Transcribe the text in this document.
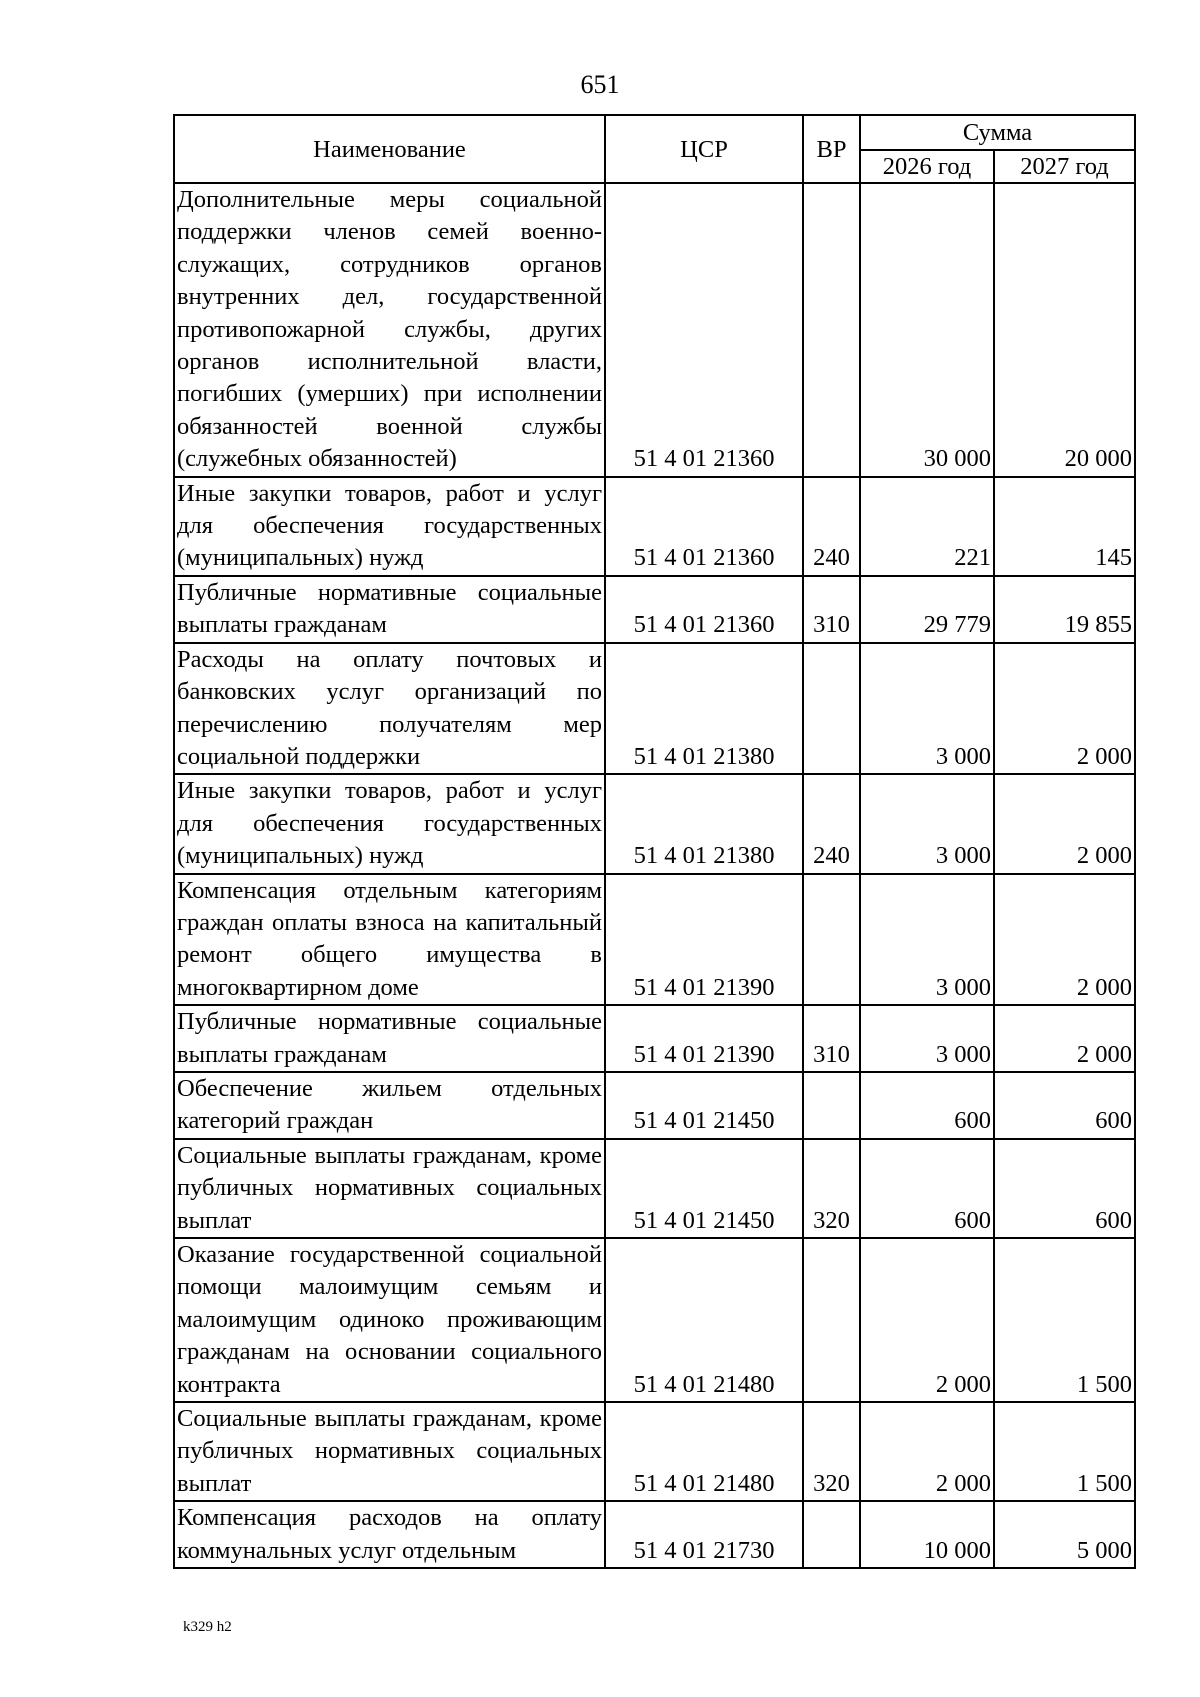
651
Наименование	ЦСР	ВР	Сумма	
			2026 год	2027 год
Дополнительные меры социальной поддержки членов семей военно-служащих, сотрудников органов внутренних дел, государственной противопожарной службы, других органов исполнительной власти, погибших (умерших) при исполнении обязанностей военной службы (служебных обязанностей)	51 4 01 21360		30 000	20 000
Иные закупки товаров, работ и услуг для обеспечения государственных (муниципальных) нужд	51 4 01 21360	240	221	145
Публичные нормативные социальные выплаты гражданам	51 4 01 21360	310	29 779	19 855
Расходы на оплату почтовых и банковских услуг организаций по перечислению получателям мер социальной поддержки	51 4 01 21380		3 000	2 000
Иные закупки товаров, работ и услуг для обеспечения государственных (муниципальных) нужд	51 4 01 21380	240	3 000	2 000
Компенсация отдельным категориям граждан оплаты взноса на капитальный ремонт общего имущества в многоквартирном доме	51 4 01 21390		3 000	2 000
Публичные нормативные социальные выплаты гражданам	51 4 01 21390	310	3 000	2 000
Обеспечение жильем отдельных категорий граждан	51 4 01 21450		600	600
Социальные выплаты гражданам, кроме публичных нормативных социальных выплат	51 4 01 21450	320	600	600
Оказание государственной социальной помощи малоимущим семьям и малоимущим одиноко проживающим гражданам на основании социального контракта	51 4 01 21480		2 000	1 500
Социальные выплаты гражданам, кроме публичных нормативных социальных выплат	51 4 01 21480	320	2 000	1 500
Компенсация расходов на оплату коммунальных услуг отдельным	51 4 01 21730		10 000	5 000
k329 h2
